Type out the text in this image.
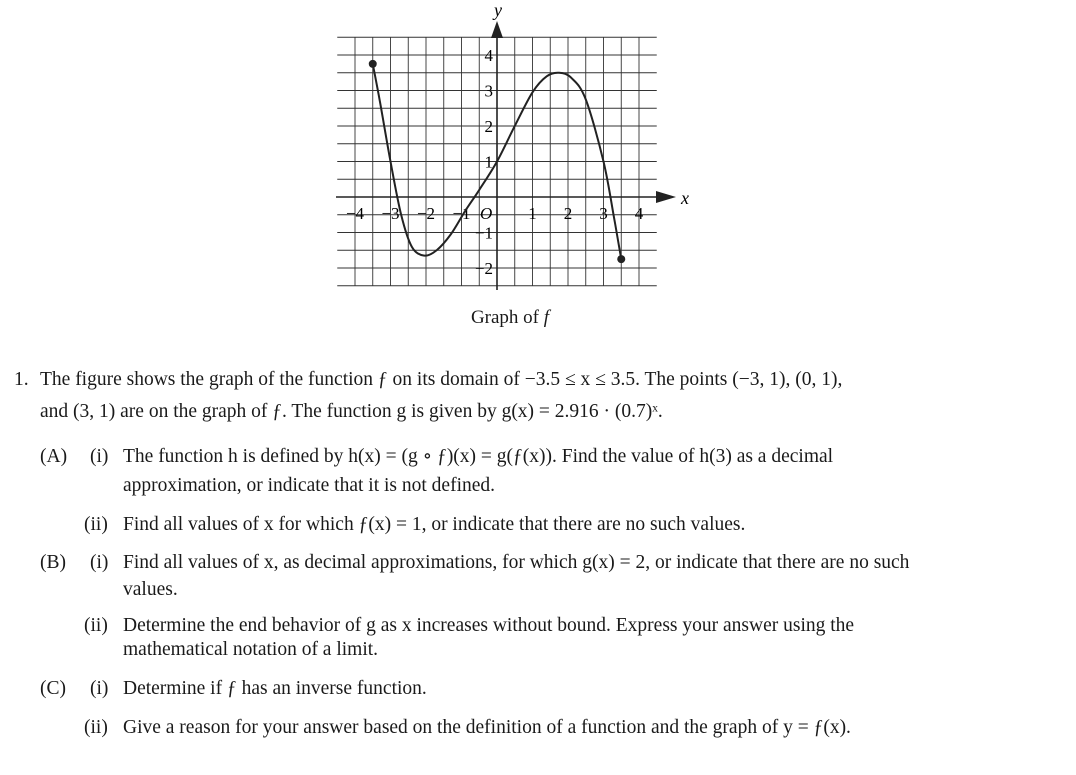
x
y
O
−4 −3 −2 −1	1 2 3 4
4
3
2
1
−1
−2
Graph of f
1. The figure shows the graph of the function ƒ on its domain of −3.5 ≤ x ≤ 3.5. The points (−3, 1), (0, 1),
and (3, 1) are on the graph of ƒ. The function g is given by g(x) = 2.916 · (0.7)ˣ.
(A) (i) The function h is defined by h(x) = (g ∘ ƒ)(x) = g(ƒ(x)). Find the value of h(3) as a decimal
approximation, or indicate that it is not defined.
(ii) Find all values of x for which ƒ(x) = 1, or indicate that there are no such values.
(B) (i) Find all values of x, as decimal approximations, for which g(x) = 2, or indicate that there are no such
values.
(ii) Determine the end behavior of g as x increases without bound. Express your answer using the
mathematical notation of a limit.
(C) (i) Determine if ƒ has an inverse function.
(ii) Give a reason for your answer based on the definition of a function and the graph of y = ƒ(x).
